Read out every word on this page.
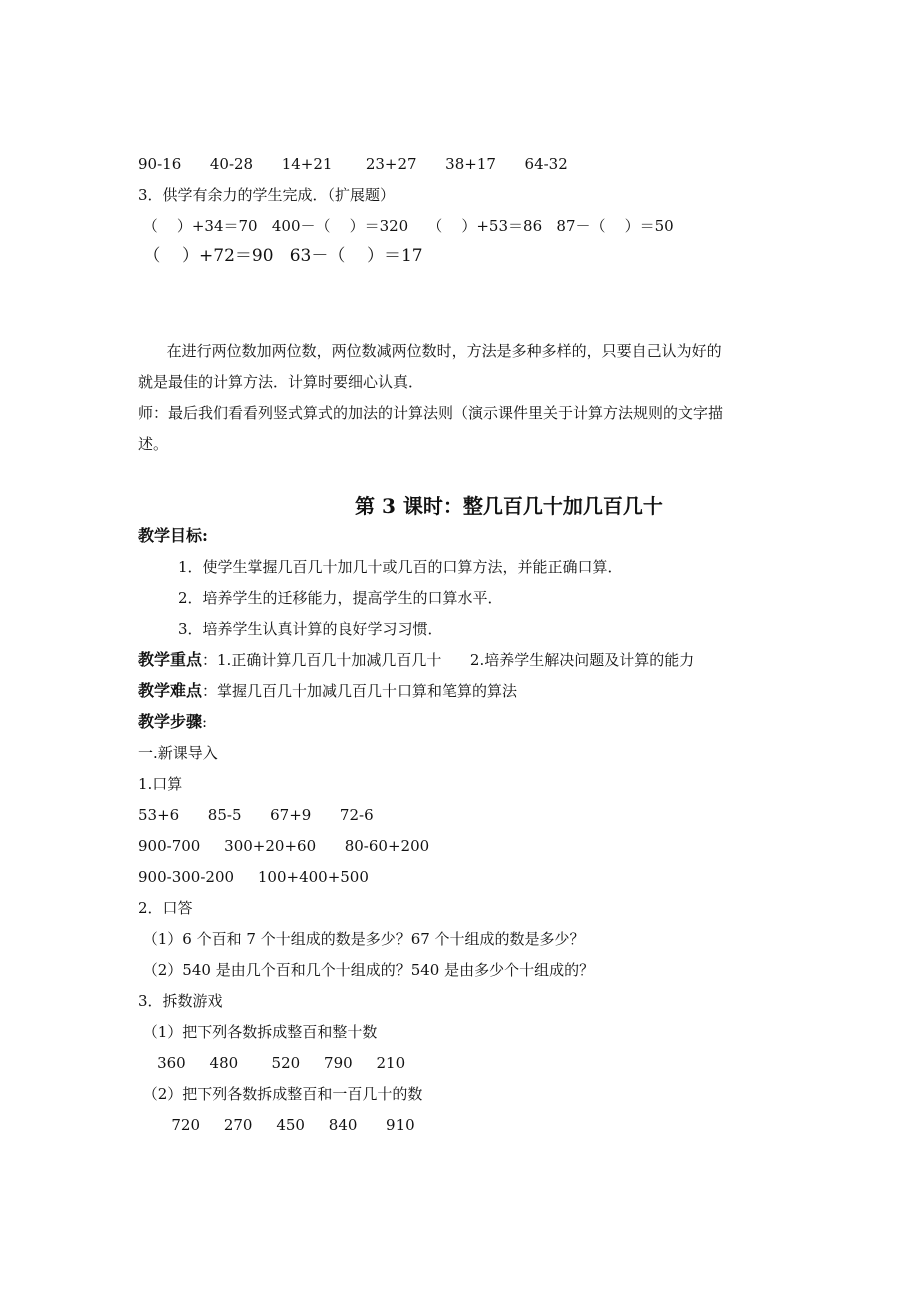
90-16      40-28      14+21       23+27      38+17      64-32
3．供学有余力的学生完成．（扩展题）
（    ）+34＝70   400－（    ）＝320    （    ）+53＝86   87－（    ）＝50
（    ）+72＝90   63－（    ）＝17
在进行两位数加两位数，两位数减两位数时，方法是多种多样的，只要自己认为好的
就是最佳的计算方法．计算时要细心认真．
师：最后我们看看列竖式算式的加法的计算法则（演示课件里关于计算方法规则的文字描
述。
第 3 课时：整几百几十加几百几十
教学目标:
1．使学生掌握几百几十加几十或几百的口算方法，并能正确口算．
2．培养学生的迁移能力，提高学生的口算水平．
3．培养学生认真计算的良好学习习惯．
教学重点：1.正确计算几百几十加减几百几十      2.培养学生解决问题及计算的能力
教学难点：掌握几百几十加减几百几十口算和笔算的算法
教学步骤:
一.新课导入
1.口算
53+6      85-5      67+9      72-6
900-700     300+20+60      80-60+200
900-300-200     100+400+500
2．口答
（1）6 个百和 7 个十组成的数是多少？67 个十组成的数是多少？
（2）540 是由几个百和几个十组成的？540 是由多少个十组成的？
3．拆数游戏
（1）把下列各数拆成整百和整十数
360     480       520     790     210
（2）把下列各数拆成整百和一百几十的数
720     270     450     840      910
